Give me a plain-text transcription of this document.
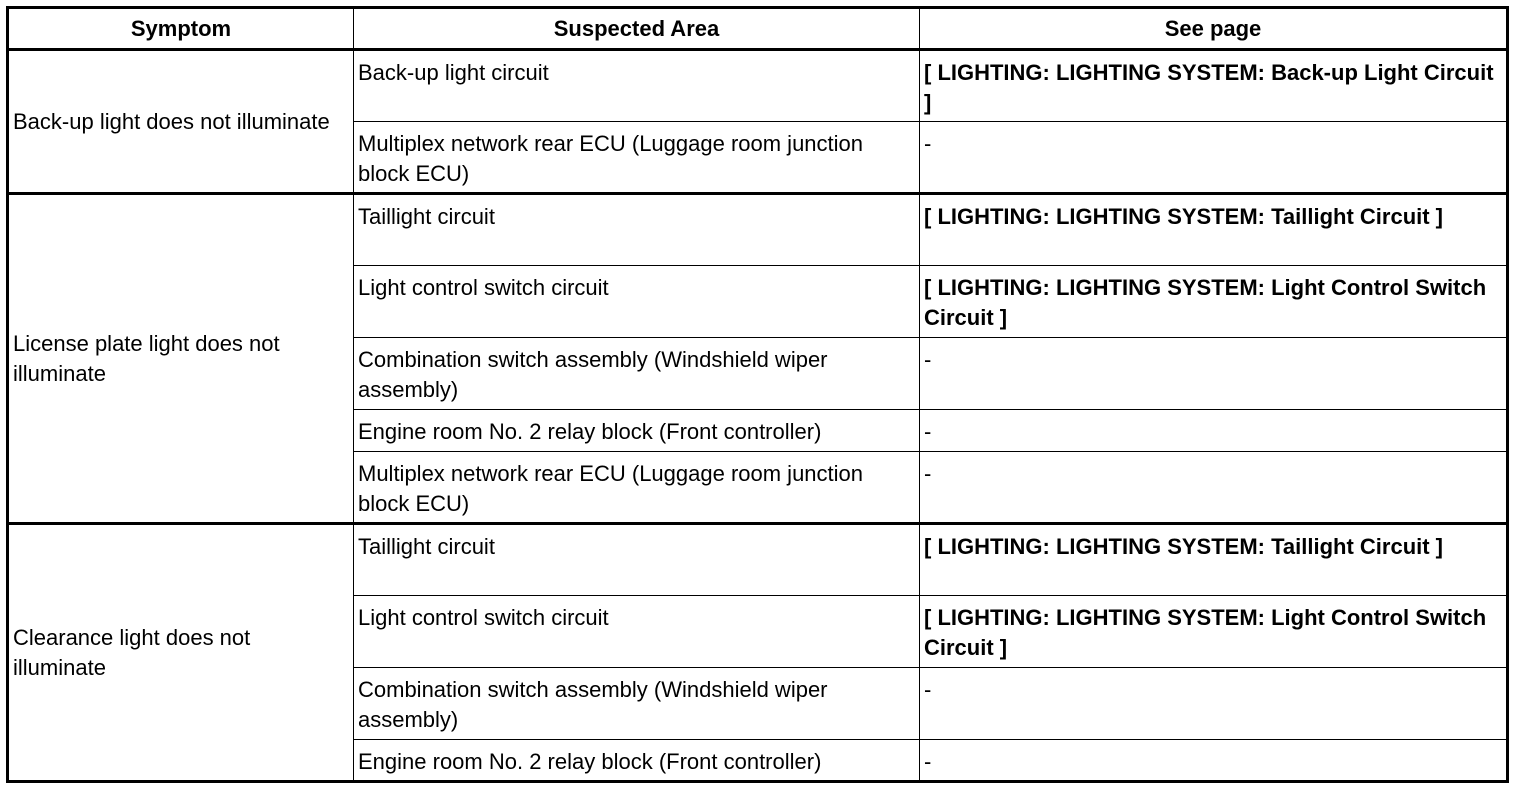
Symptom	Suspected Area	See page
Back-up light does not illuminate	Back-up light circuit	[ LIGHTING: LIGHTING SYSTEM: Back-up Light Circuit ]
	Multiplex network rear ECU (Luggage room junction block ECU)	-
License plate light does not illuminate	Taillight circuit	[ LIGHTING: LIGHTING SYSTEM: Taillight Circuit ]
	Light control switch circuit	[ LIGHTING: LIGHTING SYSTEM: Light Control Switch Circuit ]
	Combination switch assembly (Windshield wiper assembly)	-
	Engine room No. 2 relay block (Front controller)	-
	Multiplex network rear ECU (Luggage room junction block ECU)	-
Clearance light does not illuminate	Taillight circuit	[ LIGHTING: LIGHTING SYSTEM: Taillight Circuit ]
	Light control switch circuit	[ LIGHTING: LIGHTING SYSTEM: Light Control Switch Circuit ]
	Combination switch assembly (Windshield wiper assembly)	-
	Engine room No. 2 relay block (Front controller)	-
